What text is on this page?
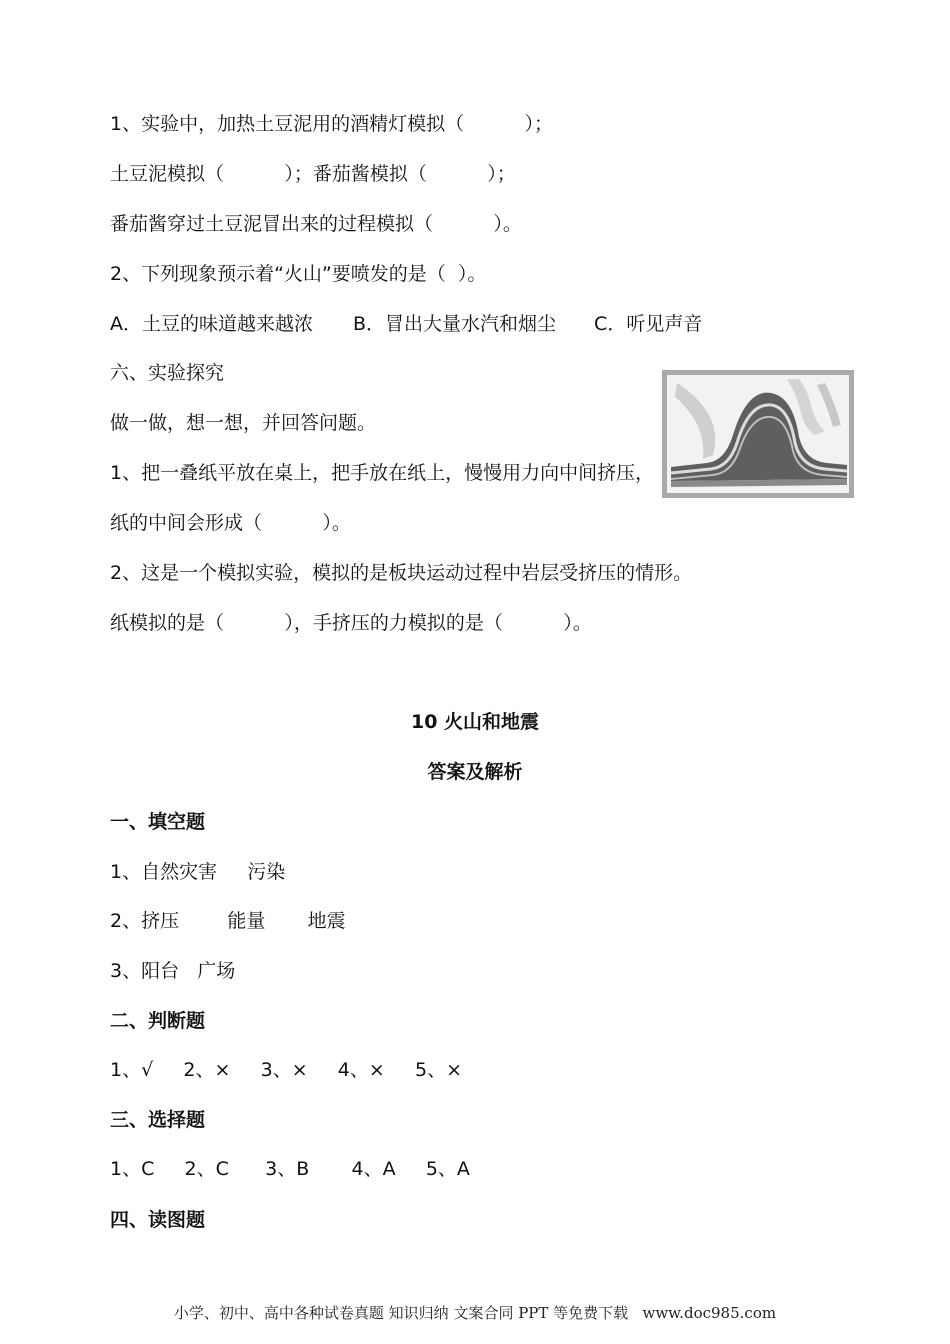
1、实验中，加热土豆泥用的酒精灯模拟（          ）；
土豆泥模拟（          ）；番茄酱模拟（          ）；
番茄酱穿过土豆泥冒出来的过程模拟（          ）。
2、下列现象预示着“火山”要喷发的是（  ）。
A．土豆的味道越来越浓 B．冒出大量水汽和烟尘 C．听见声音
六、实验探究
做一做，想一想，并回答问题。
1、把一叠纸平放在桌上，把手放在纸上，慢慢用力向中间挤压，
纸的中间会形成（          ）。
2、这是一个模拟实验，模拟的是板块运动过程中岩层受挤压的情形。
纸模拟的是（          ），手挤压的力模拟的是（          ）。
10 火山和地震
答案及解析
一、填空题
1、自然灾害     污染
2、挤压        能量       地震
3、阳台   广场
二、判断题
1、√     2、×     3、×     4、×     5、×
三、选择题
1、C     2、C      3、B       4、A     5、A
四、读图题
小学、初中、高中各种试卷真题 知识归纳 文案合同 PPT 等免费下载   www.doc985.com
